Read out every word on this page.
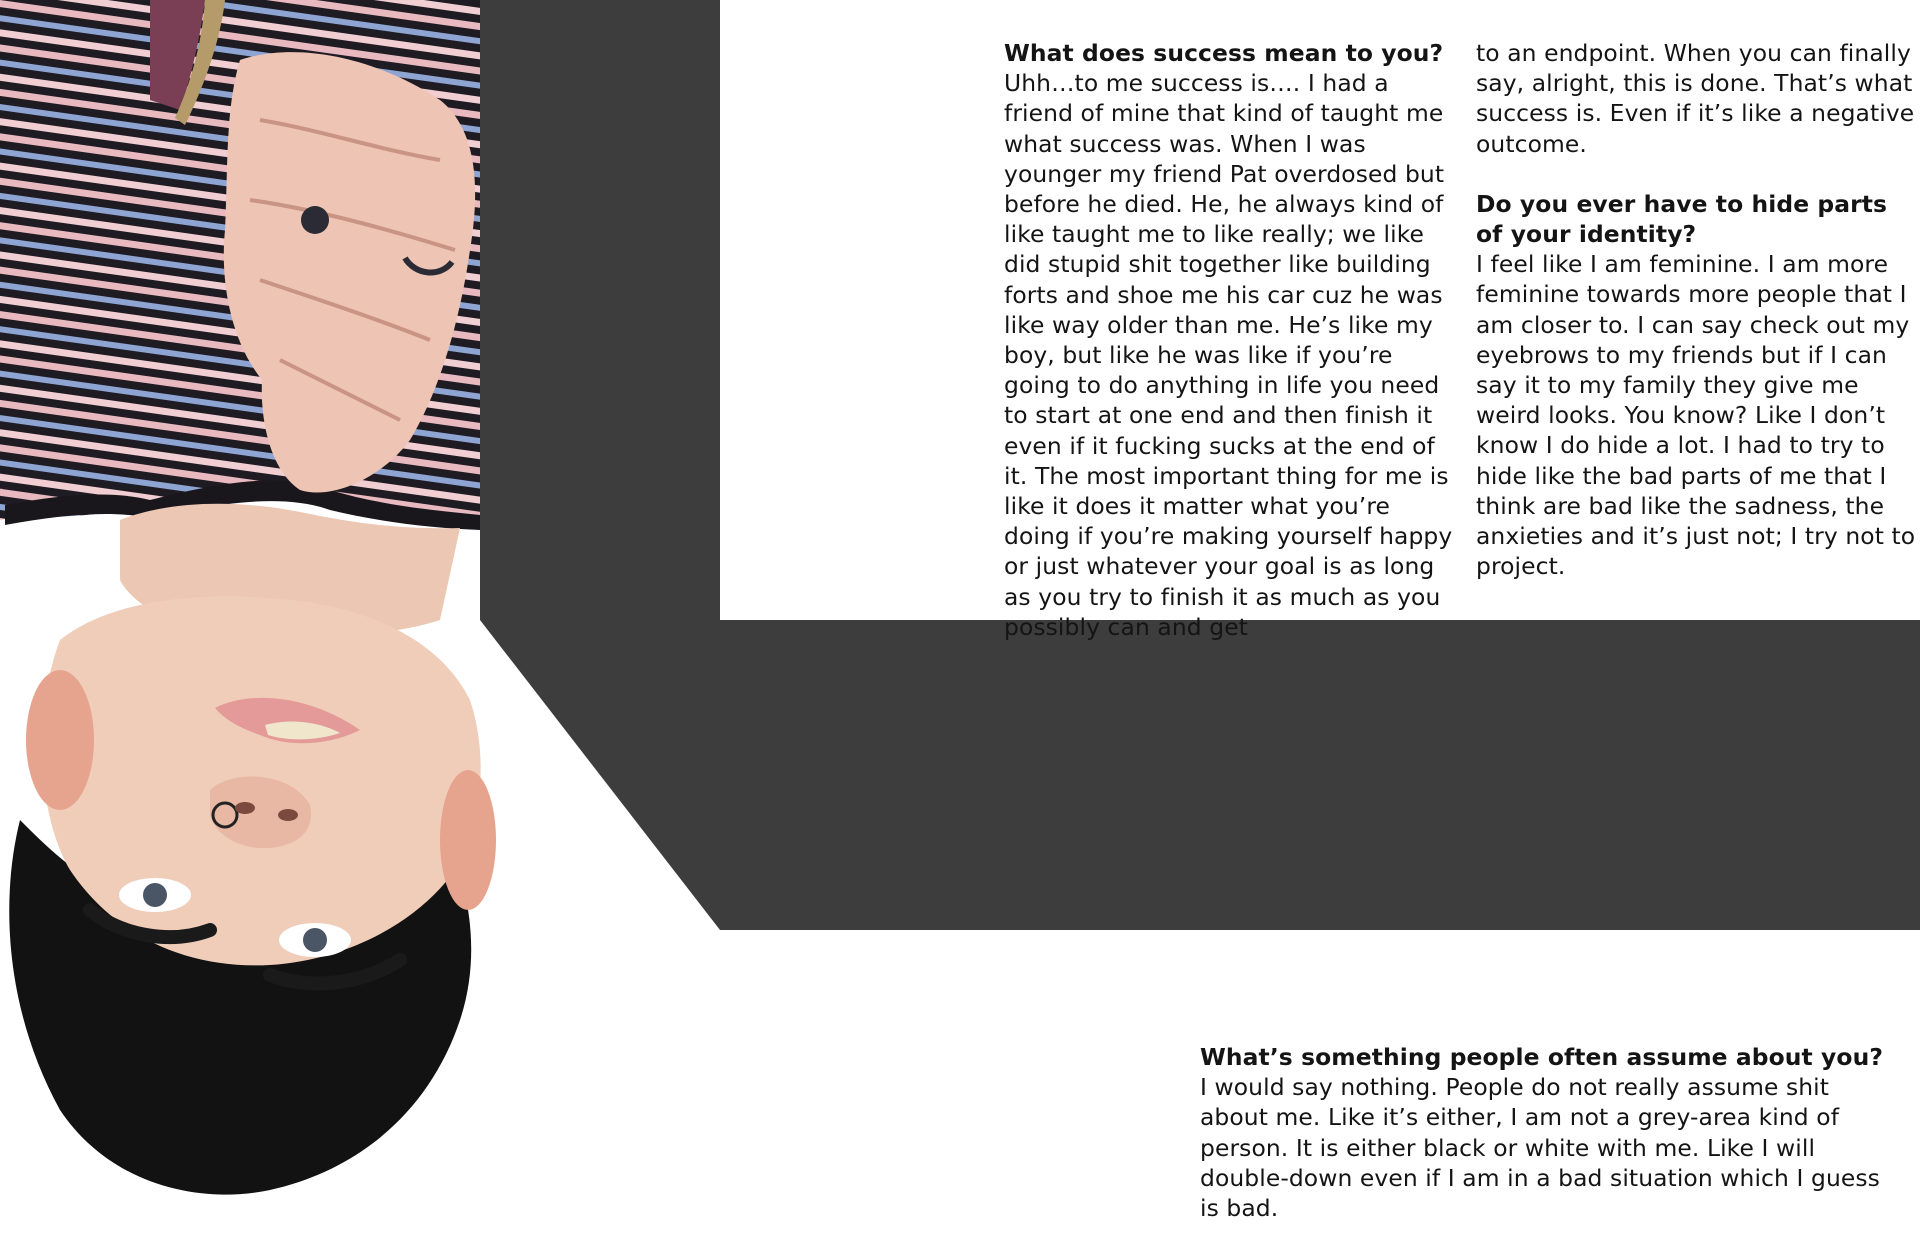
What does success mean to you?
Uhh…to me success is…. I had a friend of mine that kind of taught me what success was. When I was younger my friend Pat overdosed but before he died. He, he always kind of like taught me to like really; we like did stupid shit together like building forts and shoe me his car cuz he was like way older than me. He’s like my boy, but like he was like if you’re going to do anything in life you need to start at one end and then finish it even if it fucking sucks at the end of it. The most important thing for me is like it does it matter what you’re doing if you’re making yourself happy or just whatever your goal is as long as you try to finish it as much as you possibly can and get
to an endpoint. When you can finally say, alright, this is done. That’s what success is. Even if it’s like a negative outcome.
Do you ever have to hide parts of your identity?
I feel like I am feminine. I am more feminine towards more people that I am closer to. I can say check out my eyebrows to my friends but if I can say it to my family they give me weird looks. You know? Like I don’t know I do hide a lot. I had to try to hide like the bad parts of me that I think are bad like the sadness, the anxieties and it’s just not; I try not to project.
What’s something people often assume about you?
I would say nothing. People do not really assume shit about me. Like it’s either, I am not a grey-area kind of person. It is either black or white with me. Like I will double-down even if I am in a bad situation which I guess is bad.
